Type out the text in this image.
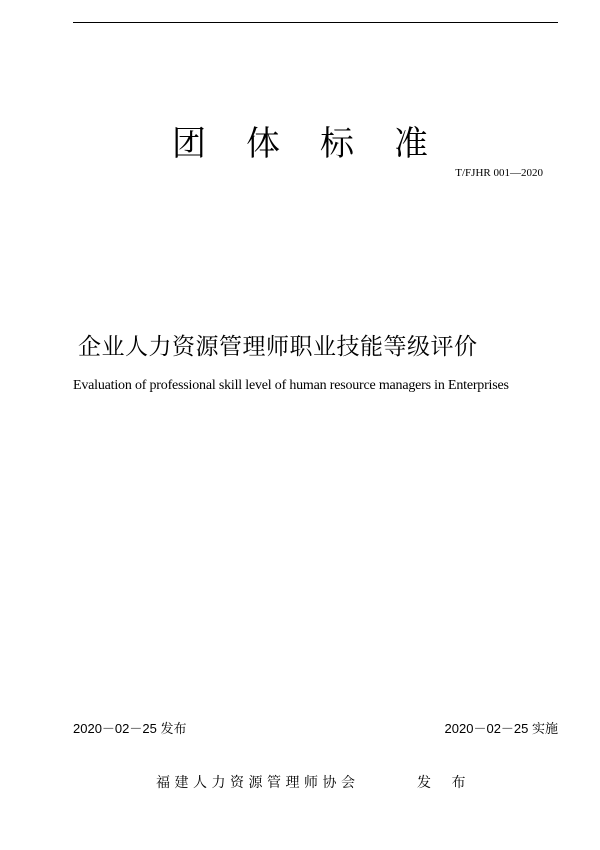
团 体 标 准
T/FJHR 001—2020
企业人力资源管理师职业技能等级评价
Evaluation of professional skill level of human resource managers in Enterprises
2020－02－25 发布	2020－02－25 实施
福建人力资源管理师协会	发 布
